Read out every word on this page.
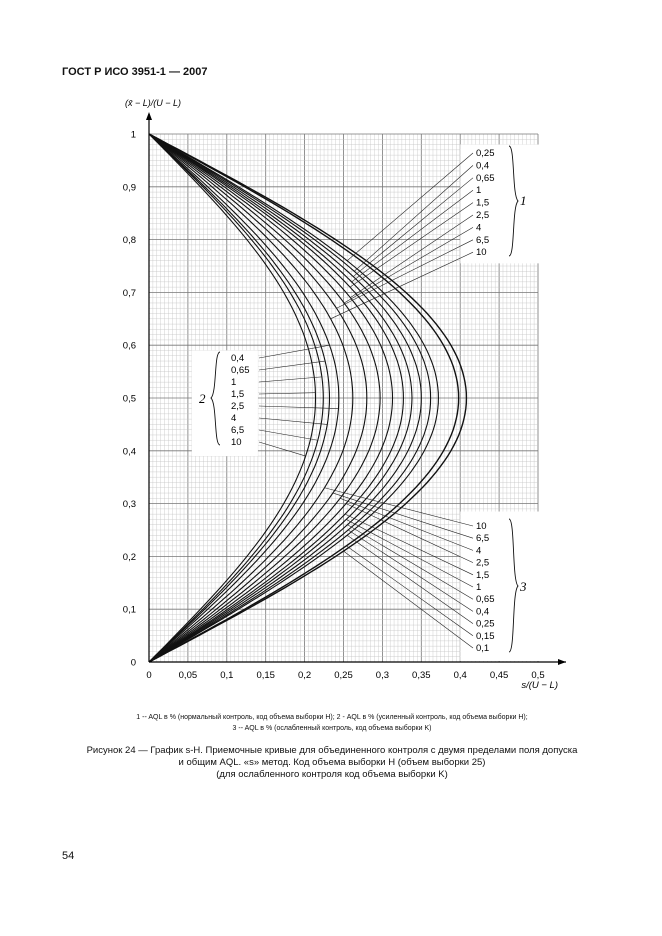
ГОСТ Р ИСО 3951-1 — 2007
0,25
0,4
0,65
1
1,5
2,5
4
6,5
10
1
0,4
0,65
1
1,5
2,5
4
6,5
10
2
10
6,5
4
2,5
1,5
1
0,65
0,4
0,25
0,15
0,1
3
0	0,05 0,1 0,15 0,2 0,25 0,3 0,35 0,4 0,45 0,5
0
0,1
0,2
0,3
0,4
0,5
0,6
0,7
0,8
0,9
1
(x̄ − L)/(U − L)
s/(U − L)
1 -- AQL в % (нормальный контроль, код объема выборки H); 2 - AQL в % (усиленный контроль, код объема выборки H);
3 -- AQL в % (ослабленный контроль, код объема выборки K)
Рисунок 24 — График s-H. Приемочные кривые для объединенного контроля с двумя пределами поля допуска
и общим AQL. «s» метод. Код объема выборки H (объем выборки 25)
(для ослабленного контроля код объема выборки K)
54
